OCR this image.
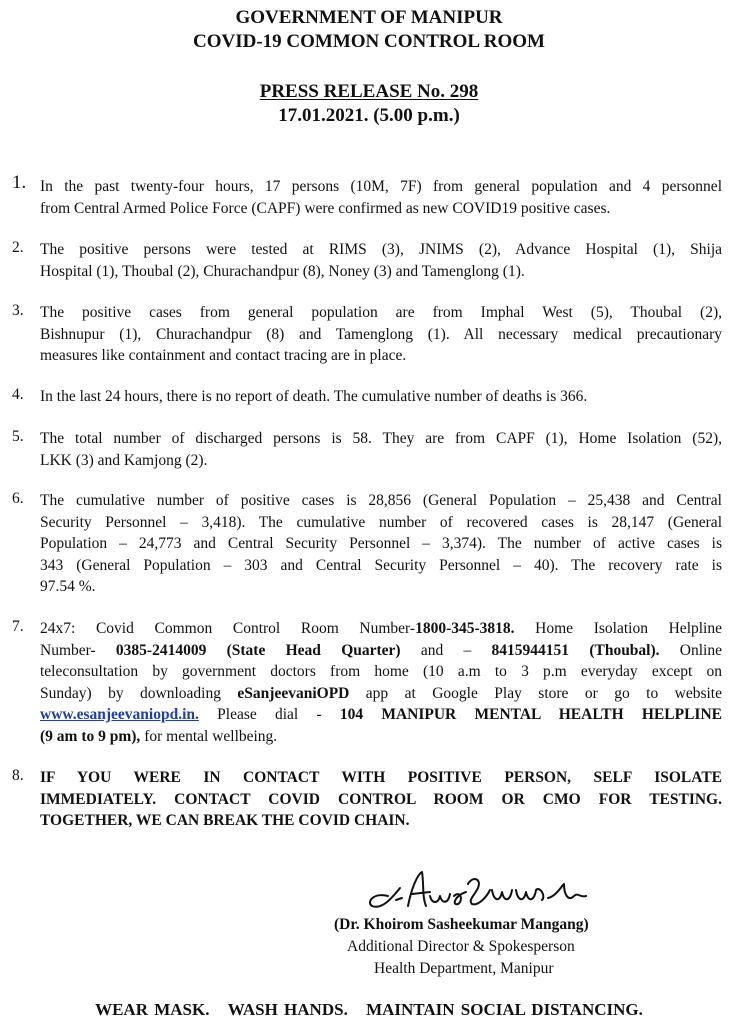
GOVERNMENT OF MANIPUR
COVID-19 COMMON CONTROL ROOM
PRESS RELEASE No. 298
17.01.2021. (5.00 p.m.)
1. In the past twenty-four hours, 17 persons (10M, 7F) from general population and 4 personnel
from Central Armed Police Force (CAPF) were confirmed as new COVID19 positive cases.
2. The positive persons were tested at RIMS (3), JNIMS (2), Advance Hospital (1), Shija
Hospital (1), Thoubal (2), Churachandpur (8), Noney (3) and Tamenglong (1).
3. The positive cases from general population are from Imphal West (5), Thoubal (2),
Bishnupur (1), Churachandpur (8) and Tamenglong (1). All necessary medical precautionary
measures like containment and contact tracing are in place.
4. In the last 24 hours, there is no report of death. The cumulative number of deaths is 366.
5. The total number of discharged persons is 58. They are from CAPF (1), Home Isolation (52),
LKK (3) and Kamjong (2).
6. The cumulative number of positive cases is 28,856 (General Population – 25,438 and Central
Security Personnel – 3,418). The cumulative number of recovered cases is 28,147 (General
Population – 24,773 and Central Security Personnel – 3,374). The number of active cases is
343 (General Population – 303 and Central Security Personnel – 40). The recovery rate is
97.54 %.
7. 24x7: Covid Common Control Room Number-1800-345-3818. Home Isolation Helpline
Number- 0385-2414009 (State Head Quarter) and – 8415944151 (Thoubal). Online
teleconsultation by government doctors from home (10 a.m to 3 p.m everyday except on
Sunday) by downloading eSanjeevaniOPD app at Google Play store or go to website
www.esanjeevaniopd.in. Please dial - 104 MANIPUR MENTAL HEALTH HELPLINE
(9 am to 9 pm), for mental wellbeing.
8. IF YOU WERE IN CONTACT WITH POSITIVE PERSON, SELF ISOLATE
IMMEDIATELY. CONTACT COVID CONTROL ROOM OR CMO FOR TESTING.
TOGETHER, WE CAN BREAK THE COVID CHAIN.
(Dr. Khoirom Sasheekumar Mangang)
Additional Director & Spokesperson
Health Department, Manipur
WEAR MASK. WASH HANDS. MAINTAIN SOCIAL DISTANCING.
